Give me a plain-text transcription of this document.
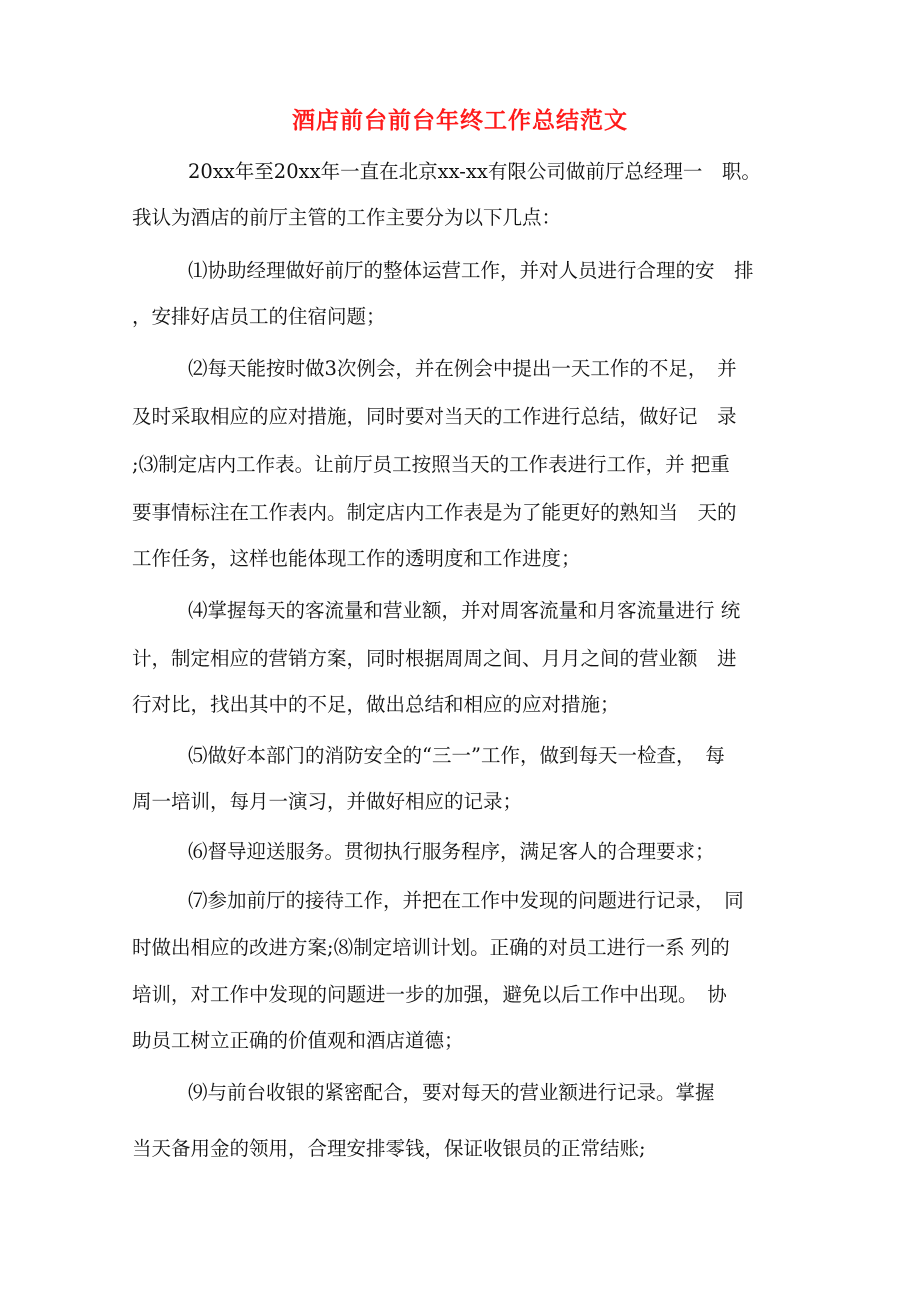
酒店前台前台年终工作总结范文
20xx年至20xx年一直在北京xx-xx有限公司做前厅总经理一　职。
我认为酒店的前厅主管的工作主要分为以下几点：
⑴协助经理做好前厅的整体运营工作，并对人员进行合理的安　排
，安排好店员工的住宿问题；
⑵每天能按时做3次例会，并在例会中提出一天工作的不足，　并
及时采取相应的应对措施，同时要对当天的工作进行总结，做好记　录
;⑶制定店内工作表。让前厅员工按照当天的工作表进行工作，并 把重
要事情标注在工作表内。制定店内工作表是为了能更好的熟知当　天的
工作任务，这样也能体现工作的透明度和工作进度；
⑷掌握每天的客流量和营业额，并对周客流量和月客流量进行 统
计，制定相应的营销方案，同时根据周周之间、月月之间的营业额　进
行对比，找出其中的不足，做出总结和相应的应对措施；
⑸做好本部门的消防安全的“三一”工作，做到每天一检查，　每
周一培训，每月一演习，并做好相应的记录；
⑹督导迎送服务。贯彻执行服务程序，满足客人的合理要求；
⑺参加前厅的接待工作，并把在工作中发现的问题进行记录，　同
时做出相应的改进方案;⑻制定培训计划。正确的对员工进行一系 列的
培训，对工作中发现的问题进一步的加强，避免以后工作中出现。　协
助员工树立正确的价值观和酒店道德；
⑼与前台收银的紧密配合，要对每天的营业额进行记录。掌握
当天备用金的领用，合理安排零钱，保证收银员的正常结账;
